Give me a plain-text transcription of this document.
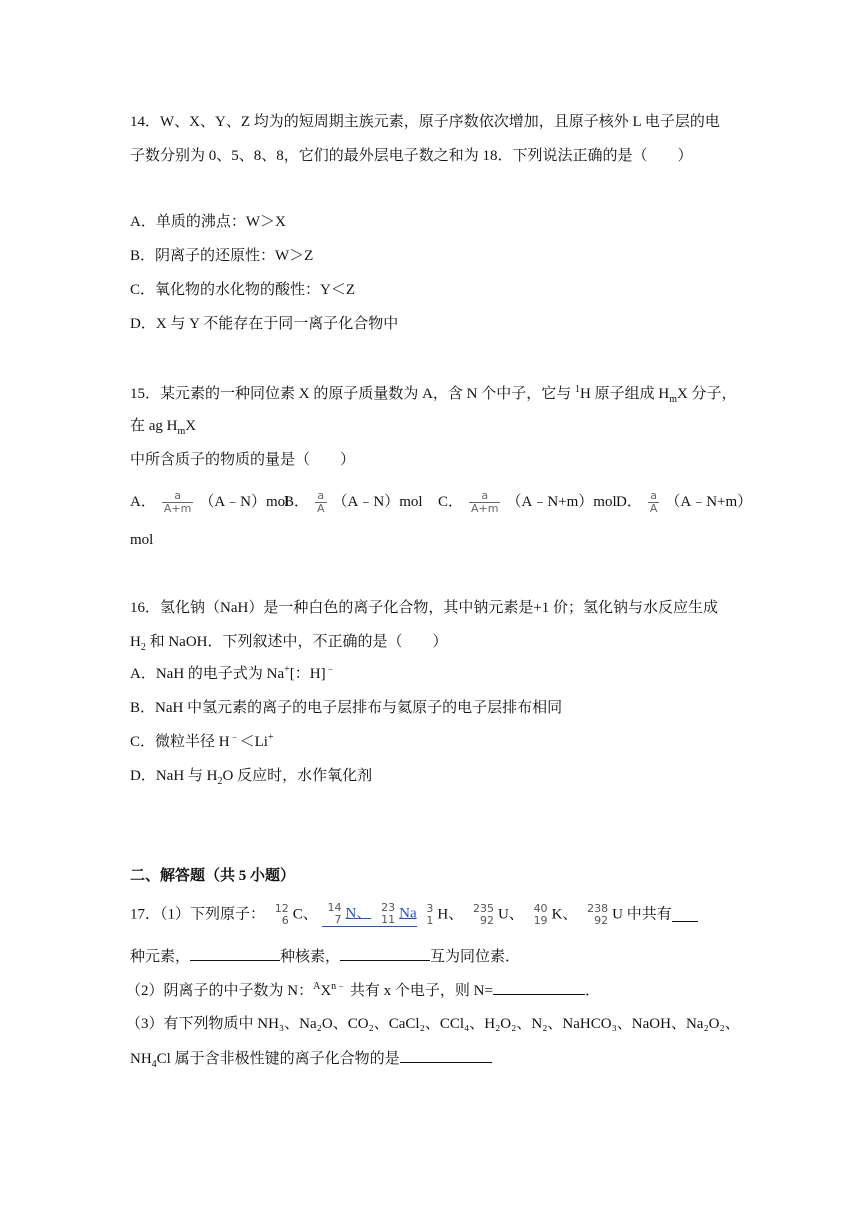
14．W、X、Y、Z 均为的短周期主族元素，原子序数依次增加，且原子核外 L 电子层的电
子数分别为 0、5、8、8，它们的最外层电子数之和为 18．下列说法正确的是（　　）
A．单质的沸点：W＞X
B．阴离子的还原性：W＞Z
C．氧化物的水化物的酸性：Y＜Z
D．X 与 Y 不能存在于同一离子化合物中
15．某元素的一种同位素 X 的原子质量数为 A，含 N 个中子，它与 $^1$H 原子组成 $H_mX$ 分子，
在 ag $H_mX$
中所含质子的物质的量是（　　）
A． $\frac{a}{A+m}$ （A﹣N）mol
B． $\frac{a}{A}$ （A﹣N）mol C． $\frac{a}{A+m}$ （A﹣N+m）mol D． $\frac{a}{A}$ （A﹣N+m）
mol
16．氢化钠（NaH）是一种白色的离子化合物，其中钠元素是+1 价；氢化钠与水反应生成
$H_2$ 和 NaOH．下列叙述中，不正确的是（　　）
A．NaH 的电子式为 Na+[：H]﹣
B．NaH 中氢元素的离子的电子层排布与氦原子的电子层排布相同
C．微粒半径 H﹣＜Li+
D．NaH 与 $H_2O$ 反应时，水作氧化剂
二、解答题（共 5 小题）
17．（1）下列原子： 12
6 C、 14
7 N、 23
11 Na 3
1 H、 235
92 U、 40
19 K、 238
92 U 中共有
种元素，	种核素，	互为同位素．
（2）阴离子的中子数为 N：$^AX^{n﹣}$ 共有 x 个电子，则 N=	．
（3）有下列物质中 NH₃、Na₂O、CO₂、CaCl₂、CCl₄、H₂O₂、N₂、NaHCO₃、NaOH、Na₂O₂、
$NH_4Cl$ 属于含非极性键的离子化合物的是
